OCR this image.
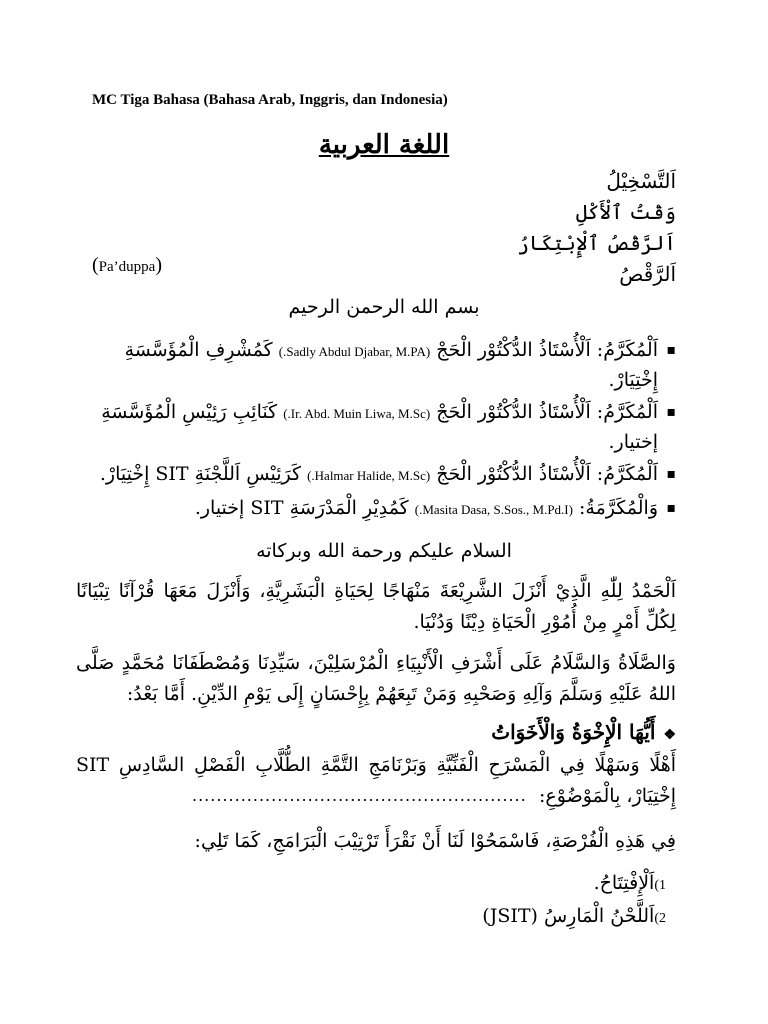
MC Tiga Bahasa (Bahasa Arab, Inggris, dan Indonesia)
اللغة العربية
اَلتَّسْخِيْلُ
وَقْتُ ٱلْأَكْلِ
اَلرَّقْصُ ٱلْإِبْتِكَارُ
اَلرَّقْصُ
(Pa’duppa)
بسم الله الرحمن الرحيم
▪ اَلْمُكَرَّمُ: اَلْأُسْتَاذُ الدُّكْتُوْر الْحَجْ (Sadly Abdul Djabar, M.PA.) كَمُشْرِفِ الْمُؤَسَّسَةِ إِخْتِيَارْ.
▪ اَلْمُكَرَّمُ: اَلْأُسْتَاذُ الدُّكْتُوْر الْحَجْ (Ir. Abd. Muin Liwa, M.Sc.) كَنَائِبِ رَئِيْسِ الْمُؤَسَّسَةِ إختيار.
▪ اَلْمُكَرَّمُ: اَلْأُسْتَاذُ الدُّكْتُوْر الْحَجْ (Halmar Halide, M.Sc.) كَرَئِيْسِ اَللَّجْنَةِ SIT إِخْتِيَارْ.
▪ وَالْمُكَرَّمَةُ: (Masita Dasa, S.Sos., M.Pd.I.) كَمُدِيْرِ الْمَدْرَسَةِ SIT إختيار.
السلام عليكم ورحمة الله وبركاته
اَلْحَمْدُ لِلّٰهِ الَّذِيْ أَنْزَلَ الشَّرِيْعَةَ مَنْهَاجًا لِحَيَاةِ الْبَشَرِيَّةِ، وَأَنْزَلَ مَعَهَا قُرْآنًا تِبْيَانًا لِكُلِّ أَمْرٍ مِنْ أُمُوْرِ الْحَيَاةِ دِيْنًا وَدُنْيَا.
وَالصَّلَاةُ وَالسَّلَامُ عَلَى أَشْرَفِ الْأَنْبِيَاءِ الْمُرْسَلِيْنَ، سَيِّدِنَا وَمُصْطَفَانَا مُحَمَّدٍ صَلَّى اللهُ عَلَيْهِ وَسَلَّمَ وَآلِهِ وَصَحْبِهِ وَمَنْ تَبِعَهُمْ بِإِحْسَانٍ إِلَى يَوْمِ الدِّيْنِ. أَمَّا بَعْدُ:
❖أَيُّهَا الْإِخْوَةُ وَالْأَخَوَاتُ
أَهْلًا وَسَهْلًا فِي الْمَسْرَحِ الْفَنِّيَّةِ وَبَرْنَامَجِ التَّمَّةِ الطُّلَّابِ الْفَصْلِ السَّادِسِ SIT إِخْتِيَارْ، بِالْمَوْضُوْعِ:
.......................................................
فِي هَذِهِ الْفُرْصَةِ، فَاسْمَحُوْا لَنَا أَنْ نَقْرَأَ تَرْتِيْبَ الْبَرَامَجِ، كَمَا تَلِي:
1)اَلْإِفْتِتَاحُ.
2)اَللَّحْنُ الْمَارِسُ (JSIT)
